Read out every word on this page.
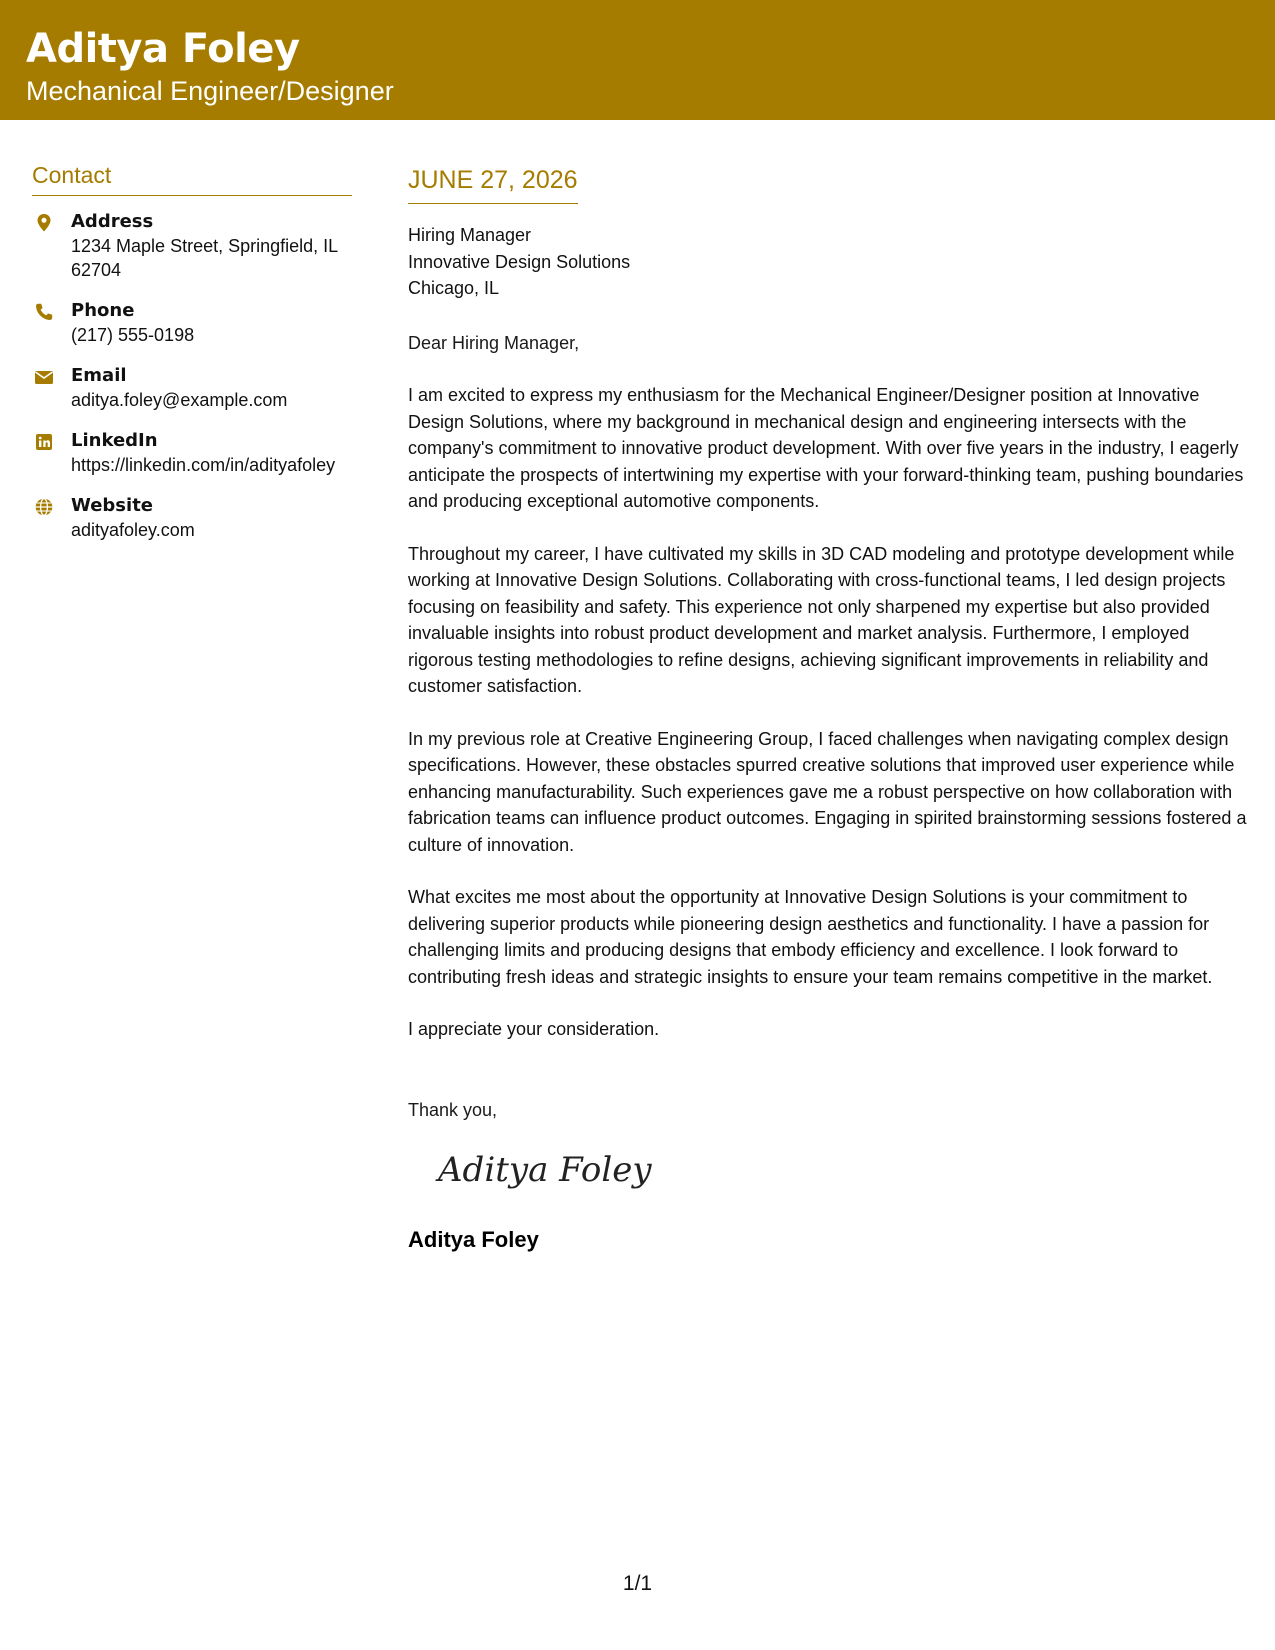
Aditya Foley
Mechanical Engineer/Designer
Contact
Address
1234 Maple Street, Springfield, IL 62704
Phone
(217) 555-0198
Email
aditya.foley@example.com
LinkedIn
https://linkedin.com/in/adityafoley
Website
adityafoley.com
JUNE 27, 2026
Hiring Manager
Innovative Design Solutions
Chicago, IL
Dear Hiring Manager,
I am excited to express my enthusiasm for the Mechanical Engineer/Designer position at Innovative Design Solutions, where my background in mechanical design and engineering intersects with the company's commitment to innovative product development. With over five years in the industry, I eagerly anticipate the prospects of intertwining my expertise with your forward-thinking team, pushing boundaries and producing exceptional automotive components.
Throughout my career, I have cultivated my skills in 3D CAD modeling and prototype development while working at Innovative Design Solutions. Collaborating with cross-functional teams, I led design projects focusing on feasibility and safety. This experience not only sharpened my expertise but also provided invaluable insights into robust product development and market analysis. Furthermore, I employed rigorous testing methodologies to refine designs, achieving significant improvements in reliability and customer satisfaction.
In my previous role at Creative Engineering Group, I faced challenges when navigating complex design specifications. However, these obstacles spurred creative solutions that improved user experience while enhancing manufacturability. Such experiences gave me a robust perspective on how collaboration with fabrication teams can influence product outcomes. Engaging in spirited brainstorming sessions fostered a culture of innovation.
What excites me most about the opportunity at Innovative Design Solutions is your commitment to delivering superior products while pioneering design aesthetics and functionality. I have a passion for challenging limits and producing designs that embody efficiency and excellence. I look forward to contributing fresh ideas and strategic insights to ensure your team remains competitive in the market.
I appreciate your consideration.
Thank you,
Aditya Foley
Aditya Foley
1/1
